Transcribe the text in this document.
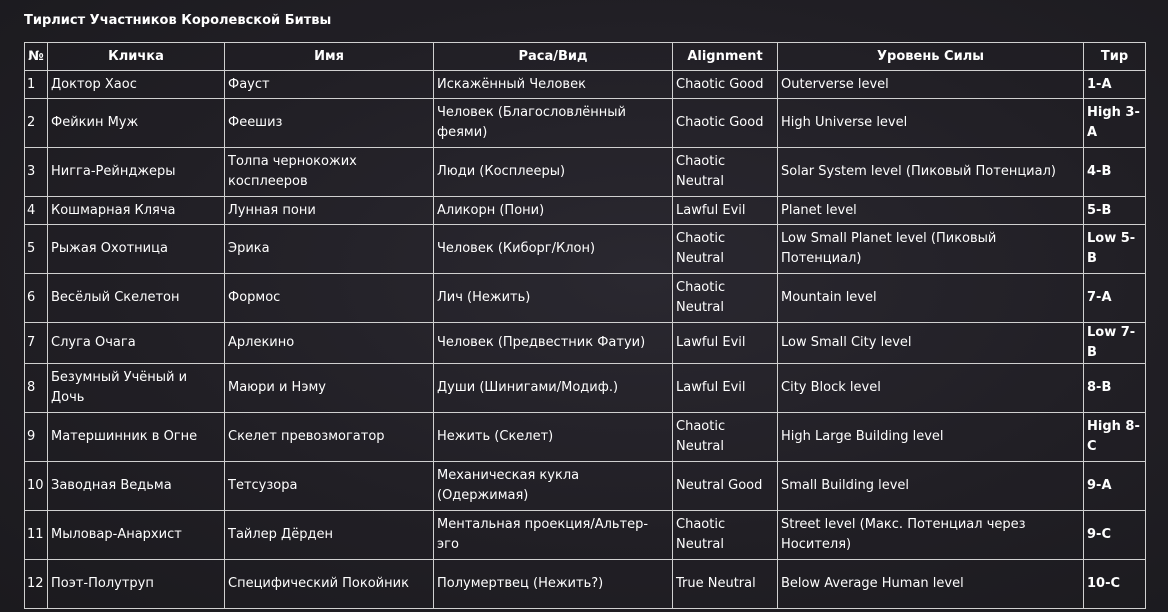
Тирлист Участников Королевской Битвы
№	Кличка	Имя	Раса/Вид	Alignment	Уровень Силы	Тир
1	Доктор Хаос	Фауст	Искажённый Человек	Chaotic Good	Outerverse level	1-A
2	Фейкин Муж	Феешиз	Человек (Благословлённый феями)	Chaotic Good	High Universe level	High 3-A
3	Нигга-Рейнджеры	Толпа чернокожих косплееров	Люди (Косплееры)	Chaotic Neutral	Solar System level (Пиковый Потенциал)	4-B
4	Кошмарная Кляча	Лунная пони	Аликорн (Пони)	Lawful Evil	Planet level	5-B
5	Рыжая Охотница	Эрика	Человек (Киборг/Клон)	Chaotic Neutral	Low Small Planet level (Пиковый Потенциал)	Low 5-B
6	Весёлый Скелетон	Формос	Лич (Нежить)	Chaotic Neutral	Mountain level	7-A
7	Слуга Очага	Арлекино	Человек (Предвестник Фатуи)	Lawful Evil	Low Small City level	Low 7-B
8	Безумный Учёный и Дочь	Маюри и Нэму	Души (Шинигами/Модиф.)	Lawful Evil	City Block level	8-B
9	Матершинник в Огне	Скелет превозмогатор	Нежить (Скелет)	Chaotic Neutral	High Large Building level	High 8-C
10	Заводная Ведьма	Тетсузора	Механическая кукла (Одержимая)	Neutral Good	Small Building level	9-A
11	Мыловар-Анархист	Тайлер Дёрден	Ментальная проекция/Альтер-эго	Chaotic Neutral	Street level (Макс. Потенциал через Носителя)	9-C
12	Поэт-Полутруп	Специфический Покойник	Полумертвец (Нежить?)	True Neutral	Below Average Human level	10-C
